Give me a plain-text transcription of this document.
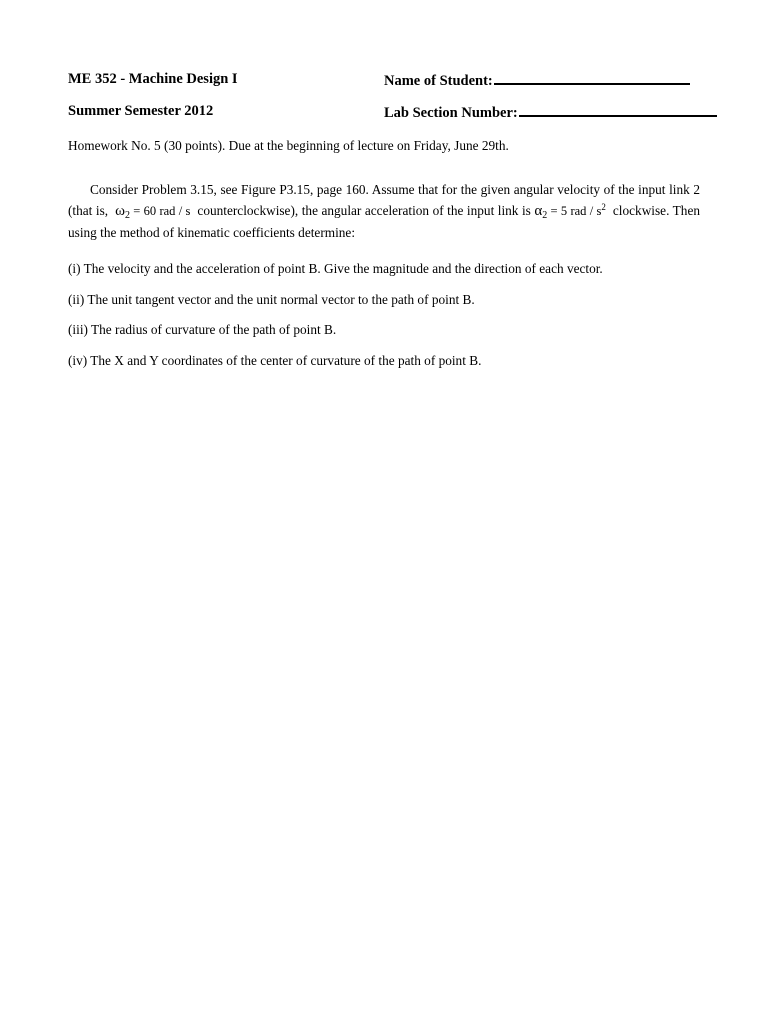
ME 352 - Machine Design I	Name of Student:
Summer Semester 2012	Lab Section Number:
Homework No. 5 (30 points). Due at the beginning of lecture on Friday, June 29th.
Consider Problem 3.15, see Figure P3.15, page 160. Assume that for the given angular velocity of the input link 2 (that is, $\omega_2 = 60$ rad / s counterclockwise), the angular acceleration of the input link is $\alpha_2 = 5$ rad / $s^2$ clockwise. Then using the method of kinematic coefficients determine:
(i) The velocity and the acceleration of point B. Give the magnitude and the direction of each vector.
(ii) The unit tangent vector and the unit normal vector to the path of point B.
(iii) The radius of curvature of the path of point B.
(iv) The X and Y coordinates of the center of curvature of the path of point B.
